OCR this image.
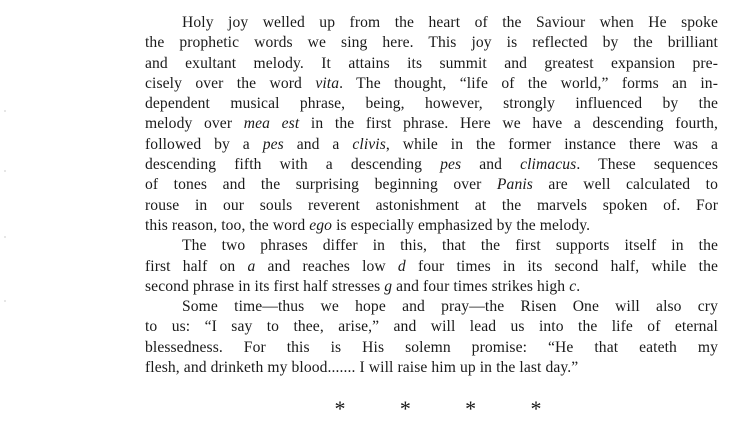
Holy joy welled up from the heart of the Saviour when He spoke
the prophetic words we sing here. This joy is reflected by the brilliant
and exultant melody. It attains its summit and greatest expansion pre-
cisely over the word vita. The thought, “life of the world,” forms an in-
dependent musical phrase, being, however, strongly influenced by the
melody over mea est in the first phrase. Here we have a descending fourth,
followed by a pes and a clivis, while in the former instance there was a
descending fifth with a descending pes and climacus. These sequences
of tones and the surprising beginning over Panis are well calculated to
rouse in our souls reverent astonishment at the marvels spoken of. For
this reason, too, the word ego is especially emphasized by the melody.

The two phrases differ in this, that the first supports itself in the
first half on a and reaches low d four times in its second half, while the
second phrase in its first half stresses g and four times strikes high c.

Some time—thus we hope and pray—the Risen One will also cry
to us: “I say to thee, arise,” and will lead us into the life of eternal
blessedness. For this is His solemn promise: “He that eateth my
flesh, and drinketh my blood....... I will raise him up in the last day.”

* * * *
